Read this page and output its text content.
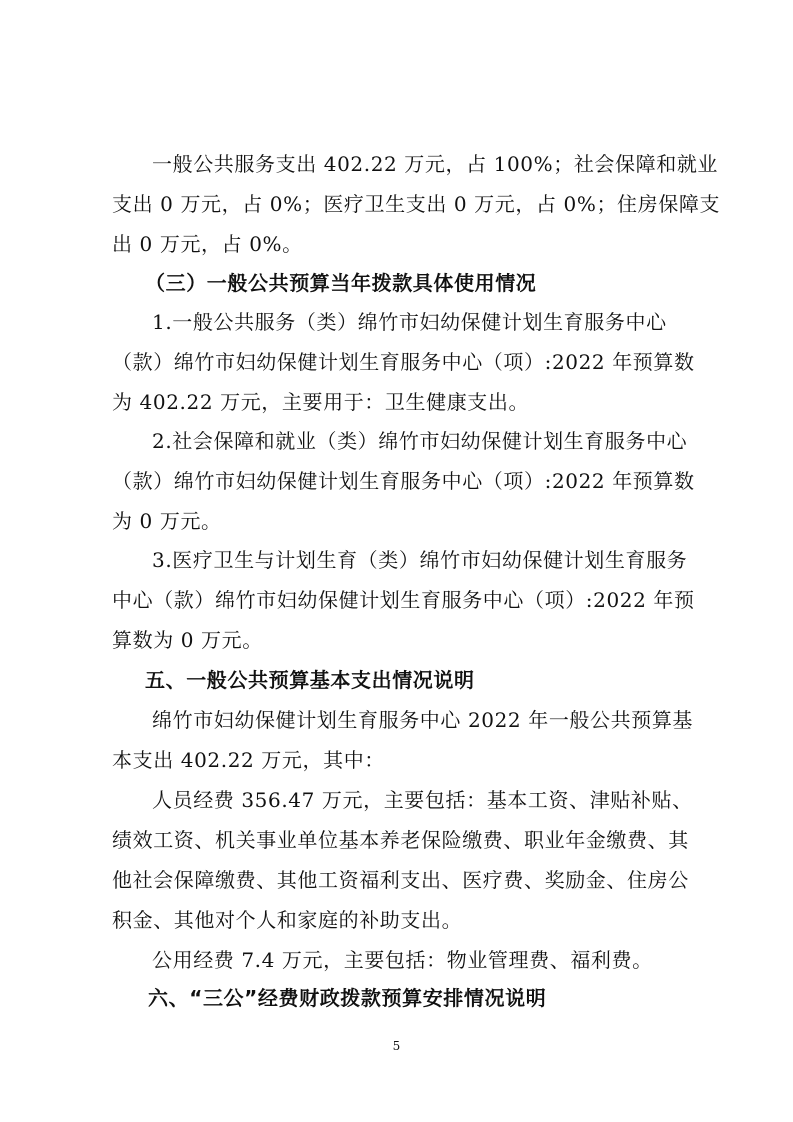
一般公共服务支出 402.22 万元，占 100%；社会保障和就业
支出 0 万元，占 0%；医疗卫生支出 0 万元，占 0%；住房保障支
出 0 万元，占 0%。
（三）一般公共预算当年拨款具体使用情况
1.一般公共服务（类）绵竹市妇幼保健计划生育服务中心
（款）绵竹市妇幼保健计划生育服务中心（项）:2022 年预算数
为 402.22 万元，主要用于：卫生健康支出。
2.社会保障和就业（类）绵竹市妇幼保健计划生育服务中心
（款）绵竹市妇幼保健计划生育服务中心（项）:2022 年预算数
为 0 万元。
3.医疗卫生与计划生育（类）绵竹市妇幼保健计划生育服务
中心（款）绵竹市妇幼保健计划生育服务中心（项）:2022 年预
算数为 0 万元。
五、一般公共预算基本支出情况说明
绵竹市妇幼保健计划生育服务中心 2022 年一般公共预算基
本支出 402.22 万元，其中：
人员经费 356.47 万元，主要包括：基本工资、津贴补贴、
绩效工资、机关事业单位基本养老保险缴费、职业年金缴费、其
他社会保障缴费、其他工资福利支出、医疗费、奖励金、住房公
积金、其他对个人和家庭的补助支出。
公用经费 7.4 万元，主要包括：物业管理费、福利费。
六、“三公”经费财政拨款预算安排情况说明
5
